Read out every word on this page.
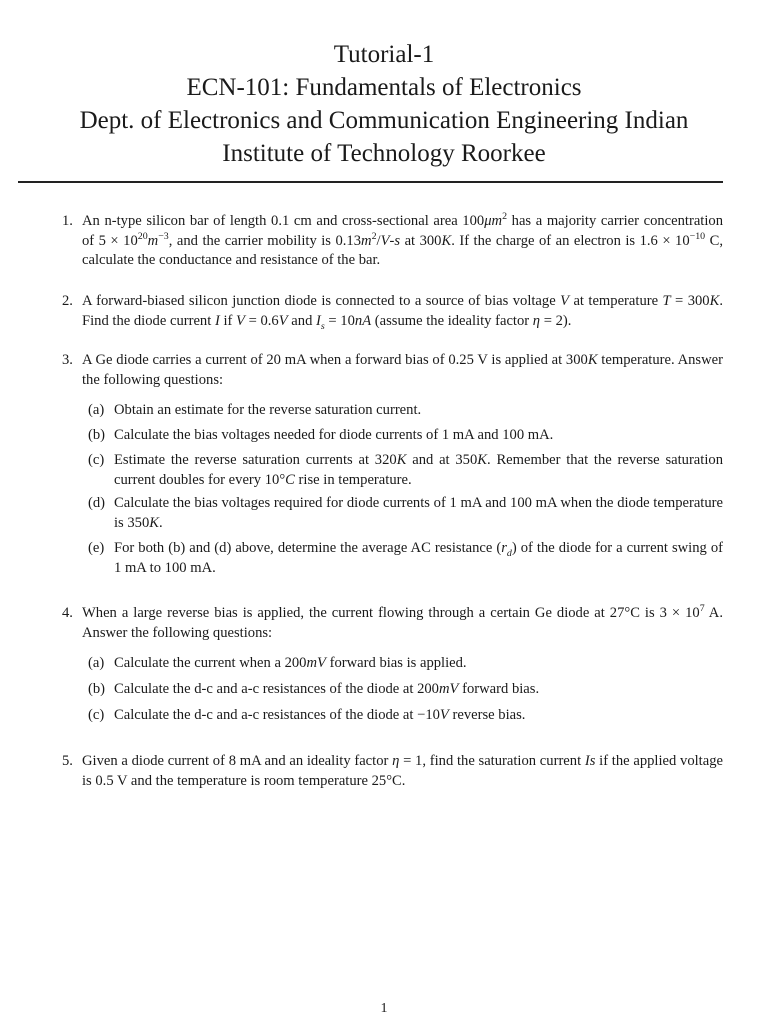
Tutorial-1
ECN-101: Fundamentals of Electronics
Dept. of Electronics and Communication Engineering Indian
Institute of Technology Roorkee
1. An n-type silicon bar of length 0.1 cm and cross-sectional area $100\mu m^2$ has a majority carrier concentration of $5 \times 10^{20}m^{-3}$, and the carrier mobility is $0.13m^2/V-s$ at 300K. If the charge of an electron is $1.6 \times 10^{-10}$ C, calculate the conductance and resistance of the bar.
2. A forward-biased silicon junction diode is connected to a source of bias voltage V at temperature T = 300K. Find the diode current I if V = 0.6V and $I_s = 10nA$ (assume the ideality factor η = 2).
3. A Ge diode carries a current of 20 mA when a forward bias of 0.25 V is applied at 300K temperature. Answer the following questions:
(a) Obtain an estimate for the reverse saturation current.
(b) Calculate the bias voltages needed for diode currents of 1 mA and 100 mA.
(c) Estimate the reverse saturation currents at 320K and at 350K. Remember that the reverse saturation current doubles for every 10°C rise in temperature.
(d) Calculate the bias voltages required for diode currents of 1 mA and 100 mA when the diode temperature is 350K.
(e) For both (b) and (d) above, determine the average AC resistance $(r_d)$ of the diode for a current swing of 1 mA to 100 mA.
4. When a large reverse bias is applied, the current flowing through a certain Ge diode at 27°C is $3 \times 10^7$ A. Answer the following questions:
(a) Calculate the current when a 200mV forward bias is applied.
(b) Calculate the d-c and a-c resistances of the diode at 200mV forward bias.
(c) Calculate the d-c and a-c resistances of the diode at −10V reverse bias.
5. Given a diode current of 8 mA and an ideality factor η = 1, find the saturation current Is if the applied voltage is 0.5 V and the temperature is room temperature 25°C.
1
